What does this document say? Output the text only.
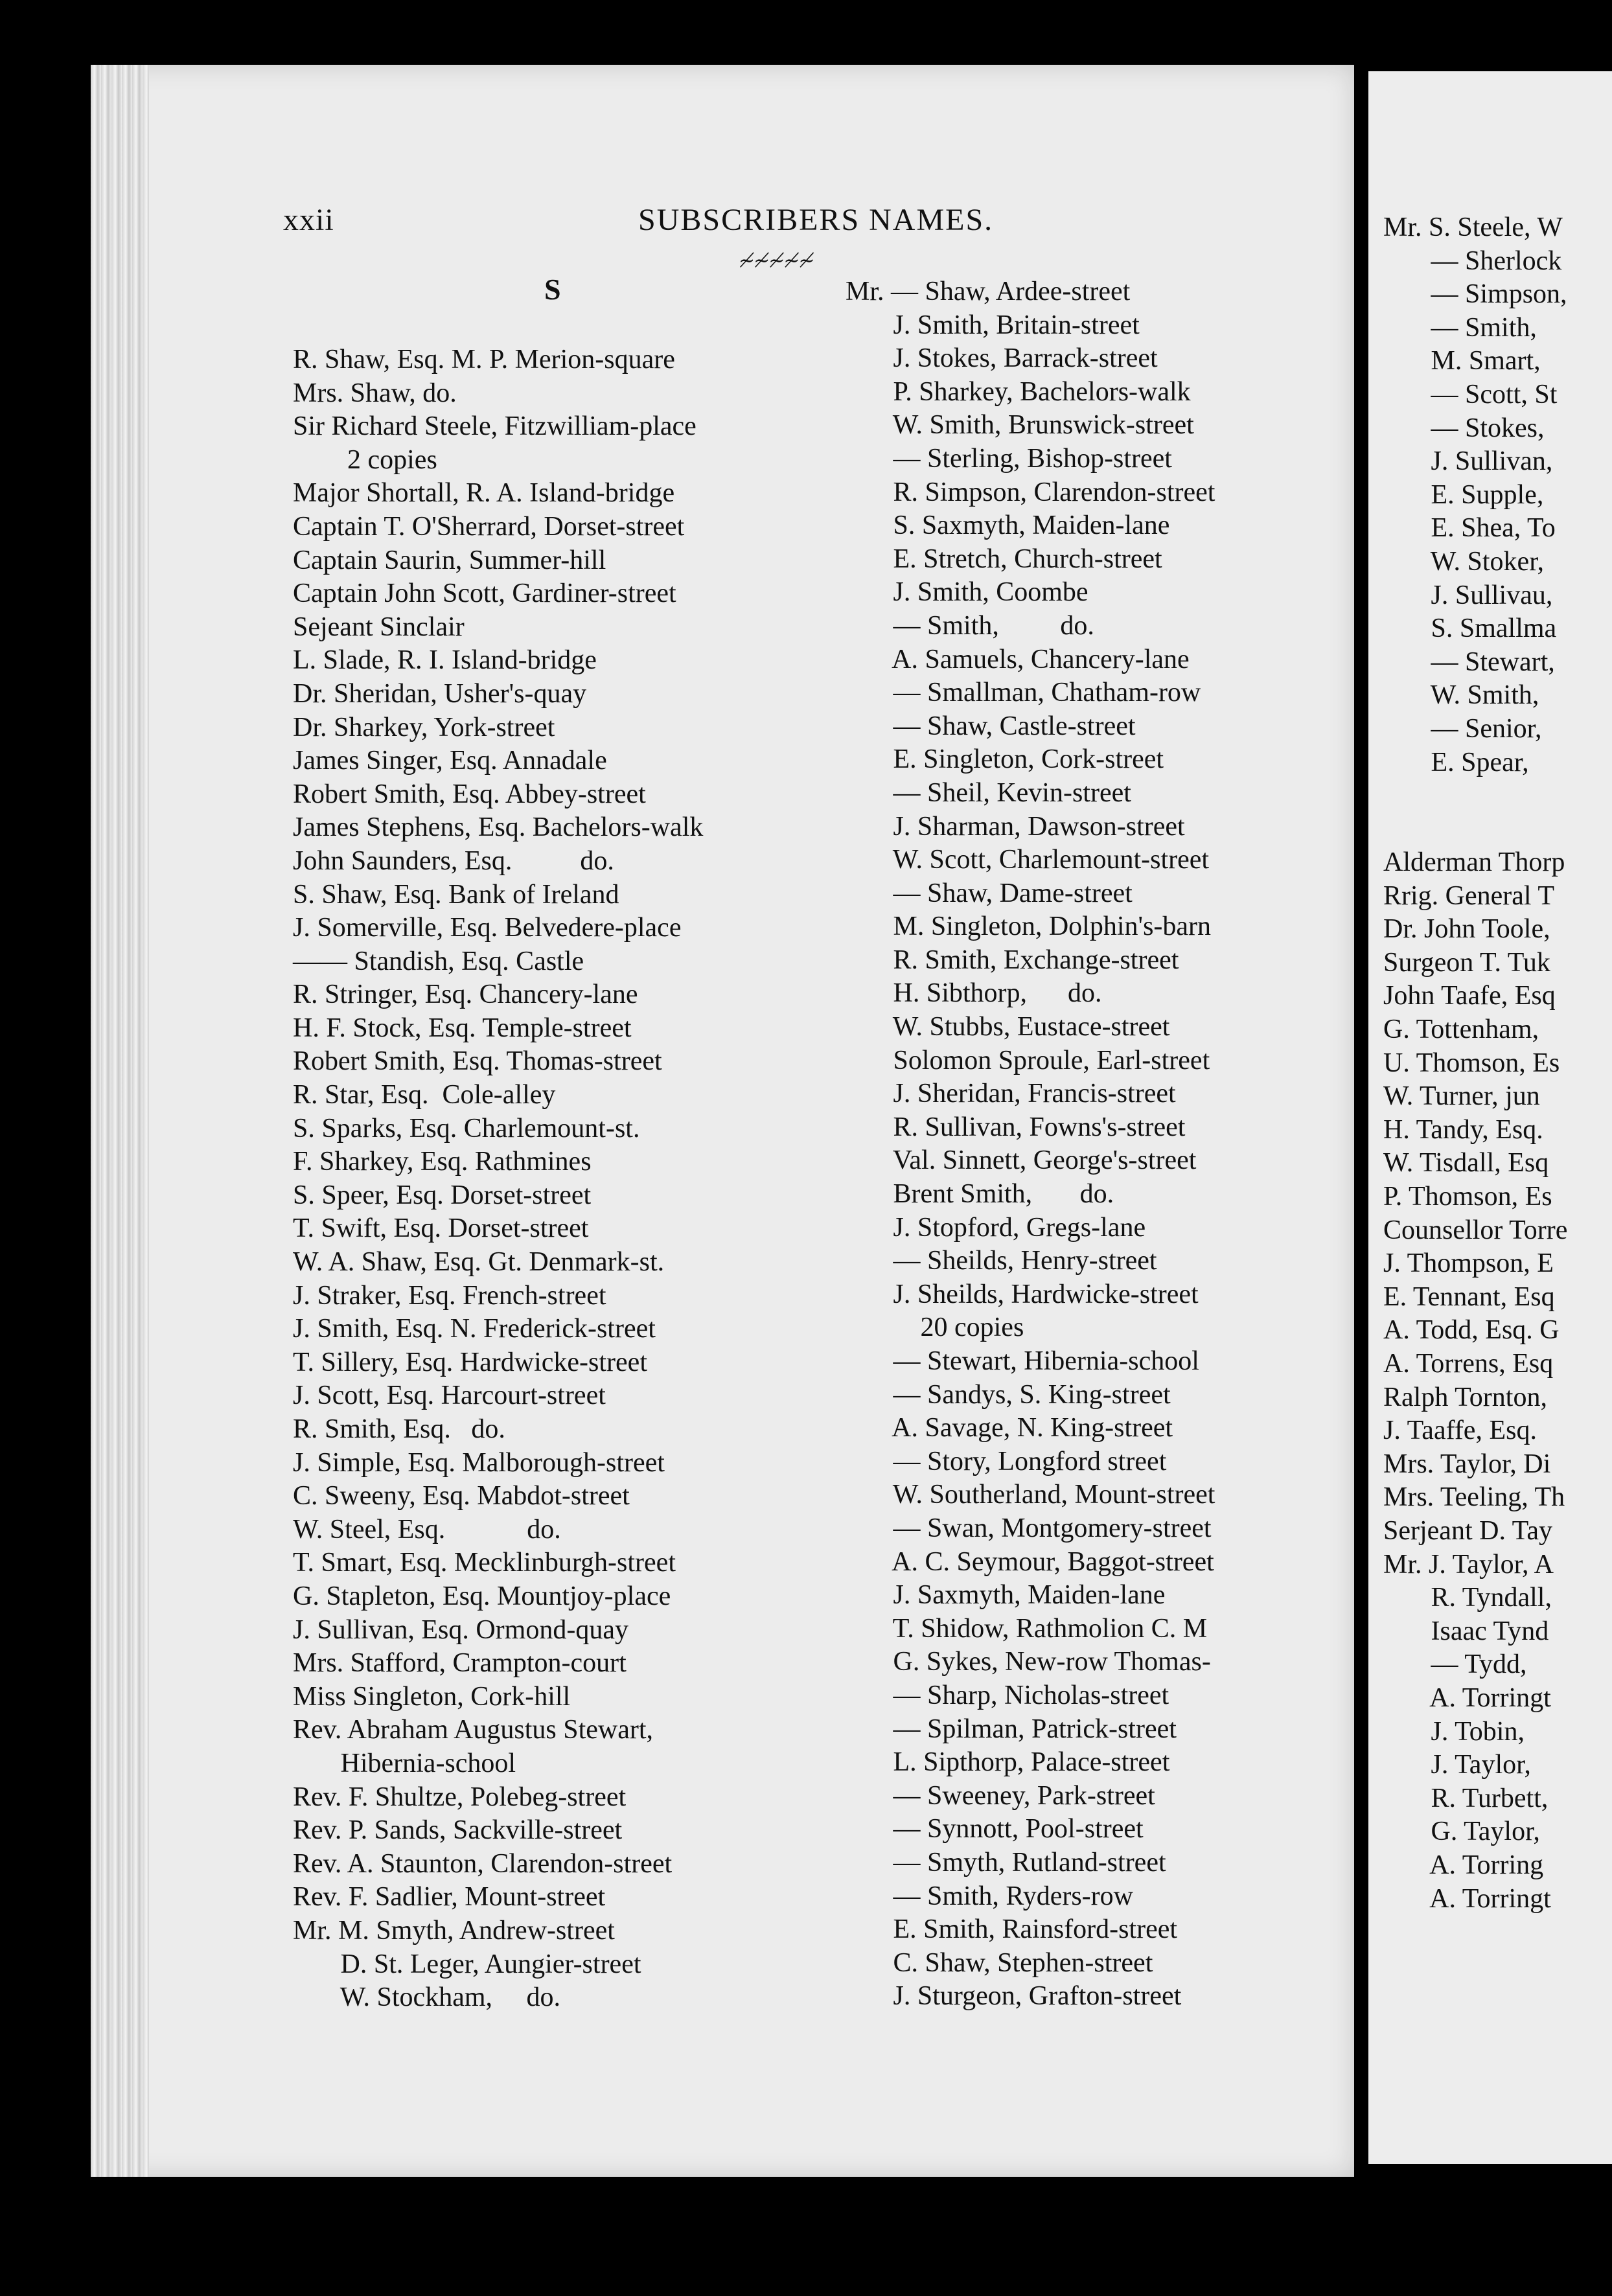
xxii	SUBSCRIBERS NAMES.
≁≁≁≁≁
S
R. Shaw, Esq. M. P. Merion-square
Mrs. Shaw, do.
Sir Richard Steele, Fitzwilliam-place
2 copies
Major Shortall, R. A. Island-bridge
Captain T. O'Sherrard, Dorset-street
Captain Saurin, Summer-hill
Captain John Scott, Gardiner-street
Sejeant Sinclair
L. Slade, R. I. Island-bridge
Dr. Sheridan, Usher's-quay
Dr. Sharkey, York-street
James Singer, Esq. Annadale
Robert Smith, Esq. Abbey-street
James Stephens, Esq. Bachelors-walk
John Saunders, Esq.          do.
S. Shaw, Esq. Bank of Ireland
J. Somerville, Esq. Belvedere-place
—— Standish, Esq. Castle
R. Stringer, Esq. Chancery-lane
H. F. Stock, Esq. Temple-street
Robert Smith, Esq. Thomas-street
R. Star, Esq.  Cole-alley
S. Sparks, Esq. Charlemount-st.
F. Sharkey, Esq. Rathmines
S. Speer, Esq. Dorset-street
T. Swift, Esq. Dorset-street
W. A. Shaw, Esq. Gt. Denmark-st.
J. Straker, Esq. French-street
J. Smith, Esq. N. Frederick-street
T. Sillery, Esq. Hardwicke-street
J. Scott, Esq. Harcourt-street
R. Smith, Esq.   do.
J. Simple, Esq. Malborough-street
C. Sweeny, Esq. Mabdot-street
W. Steel, Esq.            do.
T. Smart, Esq. Mecklinburgh-street
G. Stapleton, Esq. Mountjoy-place
J. Sullivan, Esq. Ormond-quay
Mrs. Stafford, Crampton-court
Miss Singleton, Cork-hill
Rev. Abraham Augustus Stewart,
Hibernia-school
Rev. F. Shultze, Polebeg-street
Rev. P. Sands, Sackville-street
Rev. A. Staunton, Clarendon-street
Rev. F. Sadlier, Mount-street
Mr. M. Smyth, Andrew-street
D. St. Leger, Aungier-street
W. Stockham,     do.
Mr. — Shaw, Ardee-street
J. Smith, Britain-street
J. Stokes, Barrack-street
P. Sharkey, Bachelors-walk
W. Smith, Brunswick-street
— Sterling, Bishop-street
R. Simpson, Clarendon-street
S. Saxmyth, Maiden-lane
E. Stretch, Church-street
J. Smith, Coombe
— Smith,         do.
A. Samuels, Chancery-lane
— Smallman, Chatham-row
— Shaw, Castle-street
E. Singleton, Cork-street
— Sheil, Kevin-street
J. Sharman, Dawson-street
W. Scott, Charlemount-street
— Shaw, Dame-street
M. Singleton, Dolphin's-barn
R. Smith, Exchange-street
H. Sibthorp,      do.
W. Stubbs, Eustace-street
Solomon Sproule, Earl-street
J. Sheridan, Francis-street
R. Sullivan, Fowns's-street
Val. Sinnett, George's-street
Brent Smith,       do.
J. Stopford, Gregs-lane
— Sheilds, Henry-street
J. Sheilds, Hardwicke-street
20 copies
— Stewart, Hibernia-school
— Sandys, S. King-street
A. Savage, N. King-street
— Story, Longford street
W. Southerland, Mount-street
— Swan, Montgomery-street
A. C. Seymour, Baggot-street
J. Saxmyth, Maiden-lane
T. Shidow, Rathmolion C. M
G. Sykes, New-row Thomas-
— Sharp, Nicholas-street
— Spilman, Patrick-street
L. Sipthorp, Palace-street
— Sweeney, Park-street
— Synnott, Pool-street
— Smyth, Rutland-street
— Smith, Ryders-row
E. Smith, Rainsford-street
C. Shaw, Stephen-street
J. Sturgeon, Grafton-street
Mr. S. Steele, W
— Sherlock
— Simpson,
— Smith,
M. Smart,
— Scott, St
— Stokes,
J. Sullivan,
E. Supple,
E. Shea, To
W. Stoker,
J. Sullivau,
S. Smallma
— Stewart,
W. Smith,
— Senior,
E. Spear,
Alderman Thorp
Rrig. General T
Dr. John Toole,
Surgeon T. Tuk
John Taafe, Esq
G. Tottenham,
U. Thomson, Es
W. Turner, jun
H. Tandy, Esq.
W. Tisdall, Esq
P. Thomson, Es
Counsellor Torre
J. Thompson, E
E. Tennant, Esq
A. Todd, Esq. G
A. Torrens, Esq
Ralph Tornton,
J. Taaffe, Esq.
Mrs. Taylor, Di
Mrs. Teeling, Th
Serjeant D. Tay
Mr. J. Taylor, A
R. Tyndall,
Isaac Tynd
— Tydd,
A. Torringt
J. Tobin,
J. Taylor,
R. Turbett,
G. Taylor,
A. Torring
A. Torringt
